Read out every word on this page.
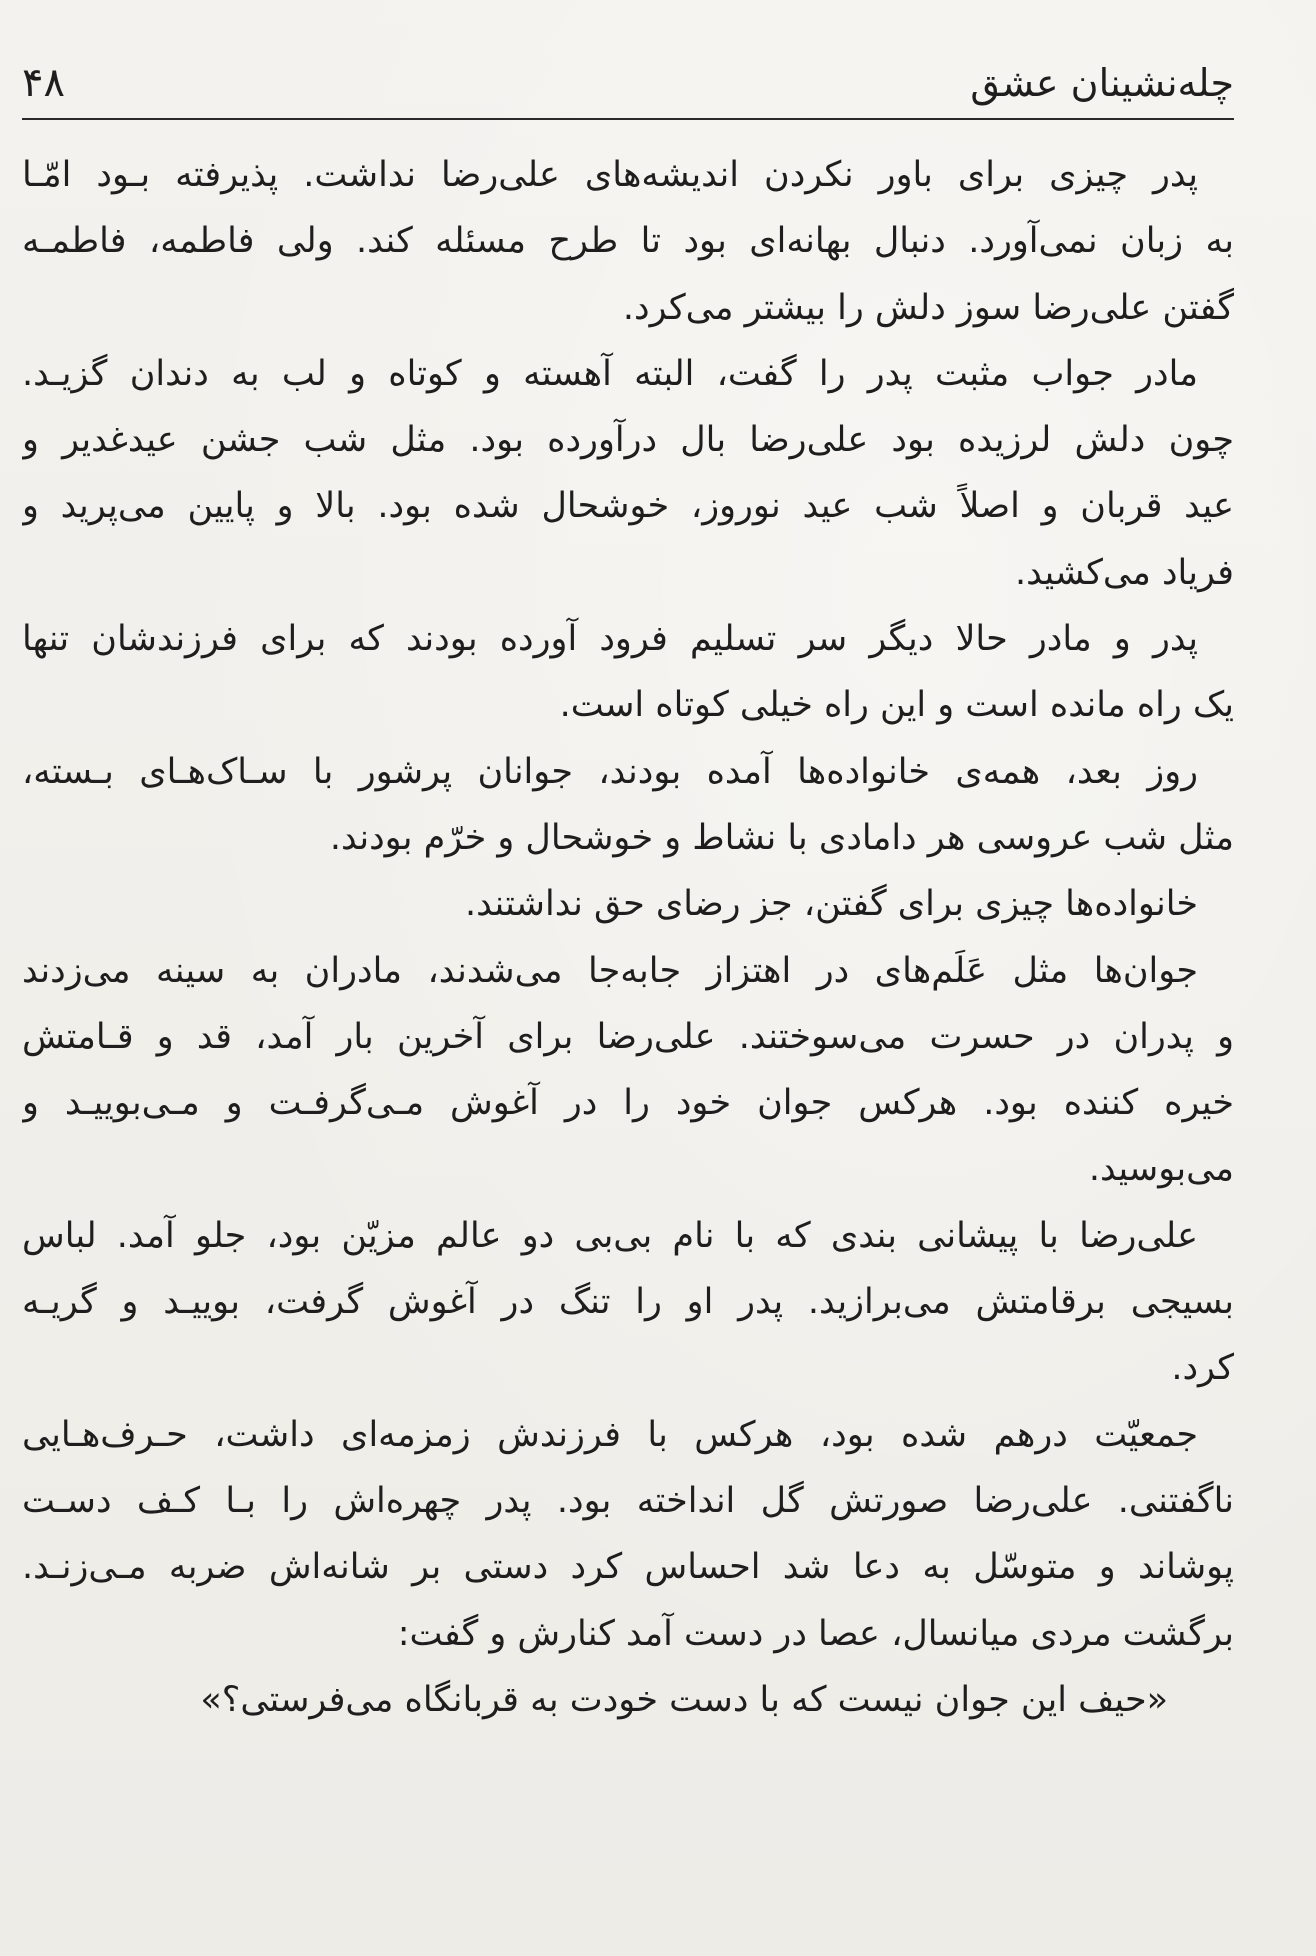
۴۸	چله‌نشینان عشق
پدر چیزی برای باور نکردن اندیشه‌های علی‌رضا نداشت. پذیرفته بـود امّـا
به زبان نمی‌آورد. دنبال بهانه‌ای بود تا طرح مسئله کند. ولی فاطمه، فاطمـه
گفتن علی‌رضا سوز دلش را بیشتر می‌کرد.
مادر جواب مثبت پدر را گفت، البته آهسته و کوتاه و لب به دندان گزیـد.
چون دلش لرزیده بود علی‌رضا بال درآورده بود. مثل شب جشن عیدغدیر و
عید قربان و اصلاً شب عید نوروز، خوشحال شده بود. بالا و پایین می‌پرید و
فریاد می‌کشید.
پدر و مادر حالا دیگر سر تسلیم فرود آورده بودند که برای فرزندشان تنها
یک راه مانده است و این راه خیلی کوتاه است.
روز بعد، همه‌ی خانواده‌ها آمده بودند، جوانان پرشور با سـاک‌هـای بـسته،
مثل شب عروسی هر دامادی با نشاط و خوشحال و خرّم بودند.
خانواده‌ها چیزی برای گفتن، جز رضای حق نداشتند.
جوان‌ها مثل عَلَم‌های در اهتزاز جابه‌جا می‌شدند، مادران به سینه می‌زدند
و پدران در حسرت می‌سوختند. علی‌رضا برای آخرین بار آمد، قد و قـامتش
خیره کننده بود. هرکس جوان خود را در آغوش مـی‌گرفـت و مـی‌بوییـد و
می‌بوسید.
علی‌رضا با پیشانی بندی که با نام بی‌بی دو عالم مزیّن بود، جلو آمد. لباس
بسیجی برقامتش می‌برازید. پدر او را تنگ در آغوش گرفت، بوییـد و گریـه
کرد.
جمعیّت درهم شده بود، هرکس با فرزندش زمزمه‌ای داشت، حـرف‌هـایی
ناگفتنی. علی‌رضا صورتش گل انداخته بود. پدر چهره‌اش را بـا کـف دسـت
پوشاند و متوسّل به دعا شد احساس کرد دستی بر شانه‌اش ضربه مـی‌زنـد.
برگشت مردی میانسال، عصا در دست آمد کنارش و گفت:
«حیف این جوان نیست که با دست خودت به قربانگاه می‌فرستی؟»
